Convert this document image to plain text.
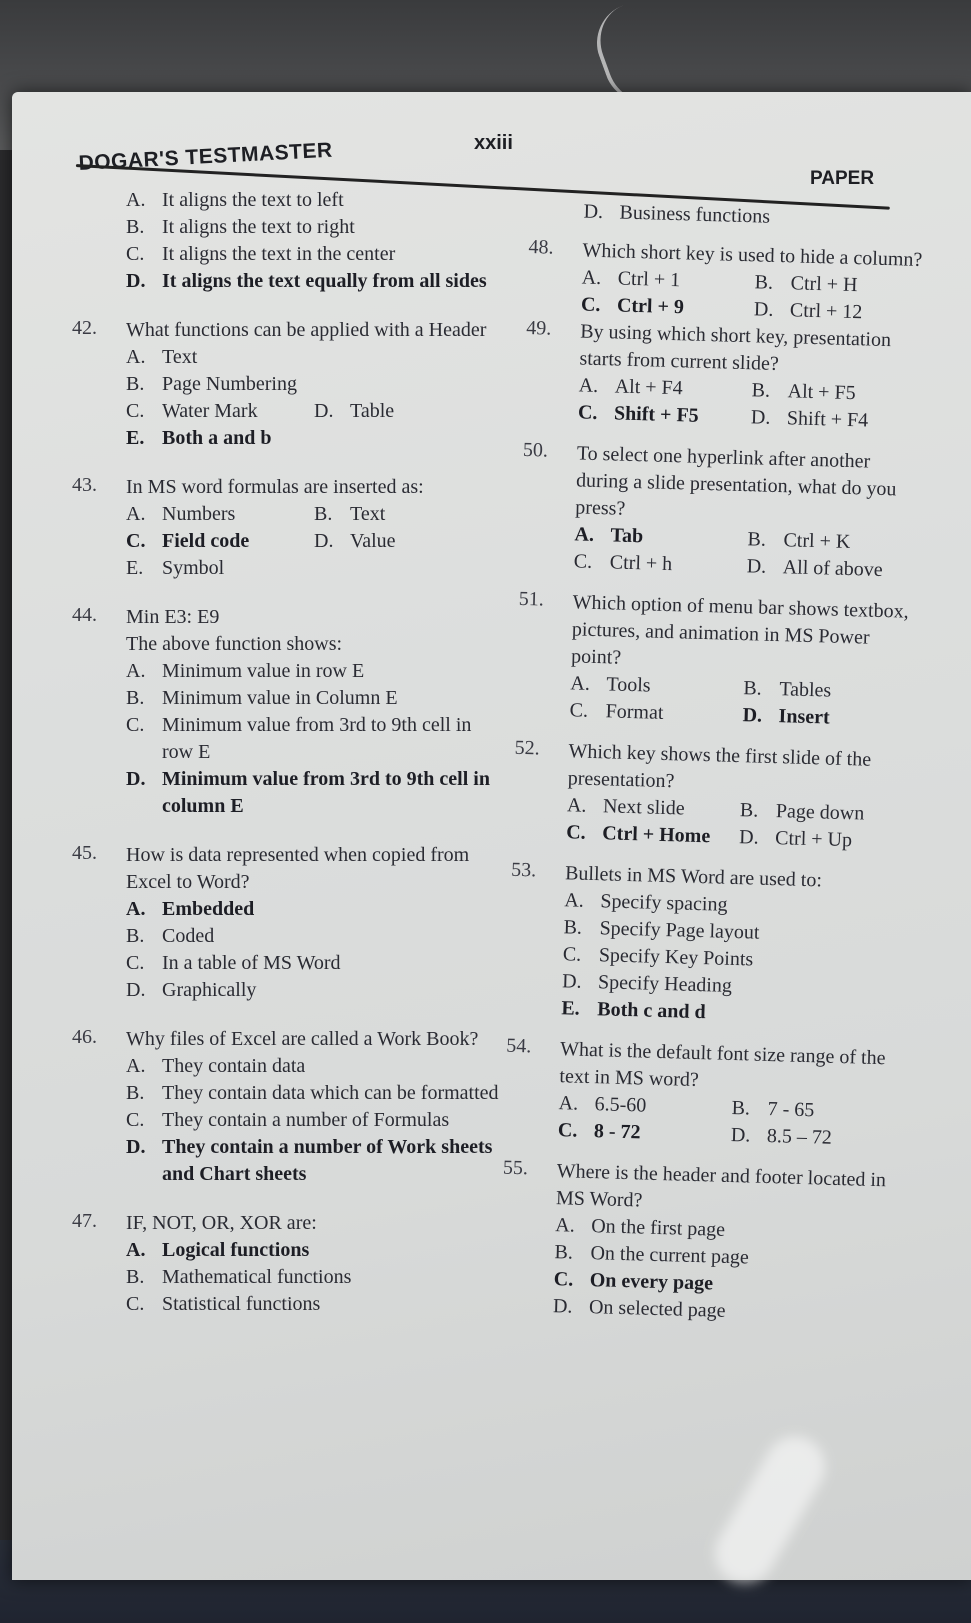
DOGAR'S TESTMASTER	xxiii
PAPER
A. It aligns the text to left
B. It aligns the text to right
C. It aligns the text in the center
D. It aligns the text equally from all sides
42. What functions can be applied with a Header
A. Text
B. Page Numbering
C. Water Mark	D. Table
E. Both a and b
43. In MS word formulas are inserted as:
A. Numbers	B. Text
C. Field code	D. Value
E. Symbol
44. Min E3: E9
The above function shows:
A. Minimum value in row E
B. Minimum value in Column E
C. Minimum value from 3rd to 9th cell in row E
D. Minimum value from 3rd to 9th cell in column E
45. How is data represented when copied from Excel to Word?
A. Embedded
B. Coded
C. In a table of MS Word
D. Graphically
46. Why files of Excel are called a Work Book?
A. They contain data
B. They contain data which can be formatted
C. They contain a number of Formulas
D. They contain a number of Work sheets and Chart sheets
47. IF, NOT, OR, XOR are:
A. Logical functions
B. Mathematical functions
C. Statistical functions
D. Business functions
48. Which short key is used to hide a column?
A. Ctrl + 1	B. Ctrl + H
C. Ctrl + 9	D. Ctrl + 12
49. By using which short key, presentation starts from current slide?
A. Alt + F4	B. Alt + F5
C. Shift + F5	D. Shift + F4
50. To select one hyperlink after another during a slide presentation, what do you press?
A. Tab	B. Ctrl + K
C. Ctrl + h	D. All of above
51. Which option of menu bar shows textbox, pictures, and animation in MS Power point?
A. Tools	B. Tables
C. Format	D. Insert
52. Which key shows the first slide of the presentation?
A. Next slide	B. Page down
C. Ctrl + Home D. Ctrl + Up
53. Bullets in MS Word are used to:
A. Specify spacing
B. Specify Page layout
C. Specify Key Points
D. Specify Heading
E. Both c and d
54. What is the default font size range of the text in MS word?
A. 6.5-60	B. 7 - 65
C. 8 - 72	D. 8.5 – 72
55. Where is the header and footer located in MS Word?
A. On the first page
B. On the current page
C. On every page
D. On selected page
